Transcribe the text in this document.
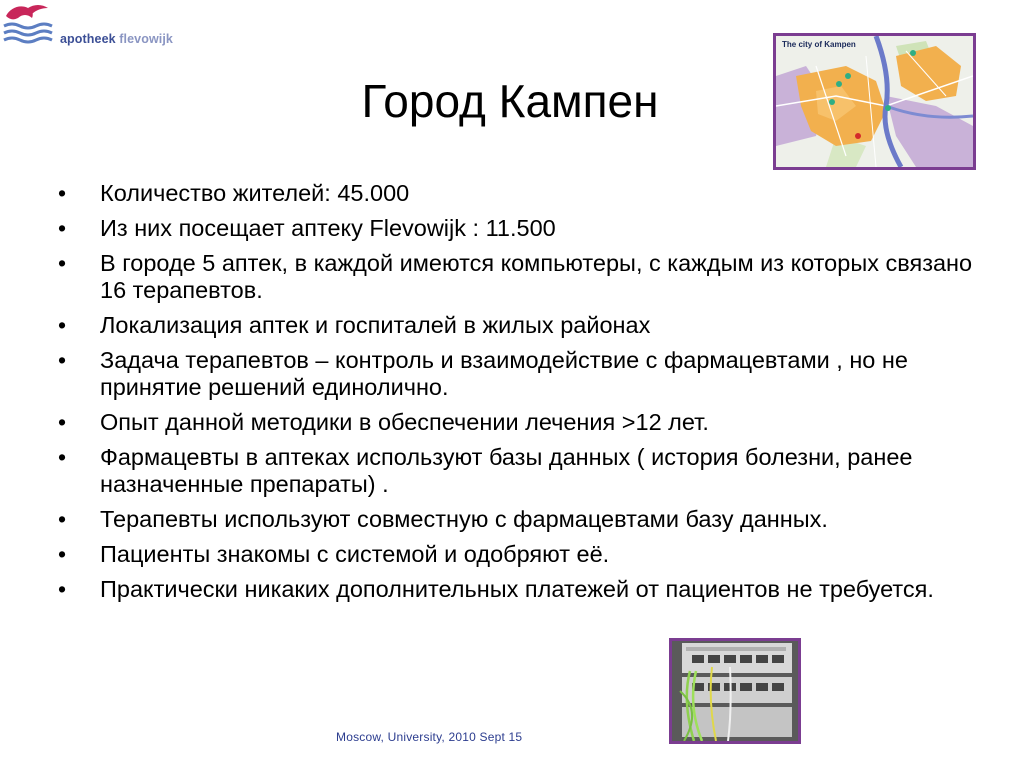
apotheek flevowijk
Город Кампен
The city of Kampen
• Количество жителей: 45.000
• Из них посещает аптеку Flevowijk : 11.500
• В городе 5 аптек, в каждой имеются компьютеры, с каждым из которых связано 16 терапевтов.
• Локализация аптек и госпиталей в жилых районах
• Задача терапевтов – контроль и взаимодействие с фармацевтами , но не принятие решений единолично.
• Опыт данной методики в обеспечении лечения >12 лет.
• Фармацевты в аптеках используют базы данных ( история болезни, ранее назначенные препараты) .
• Терапевты используют совместную с фармацевтами базу данных.
• Пациенты знакомы с системой и одобряют её.
• Практически никаких дополнительных платежей от пациентов не требуется.
Moscow, University, 2010 Sept 15
